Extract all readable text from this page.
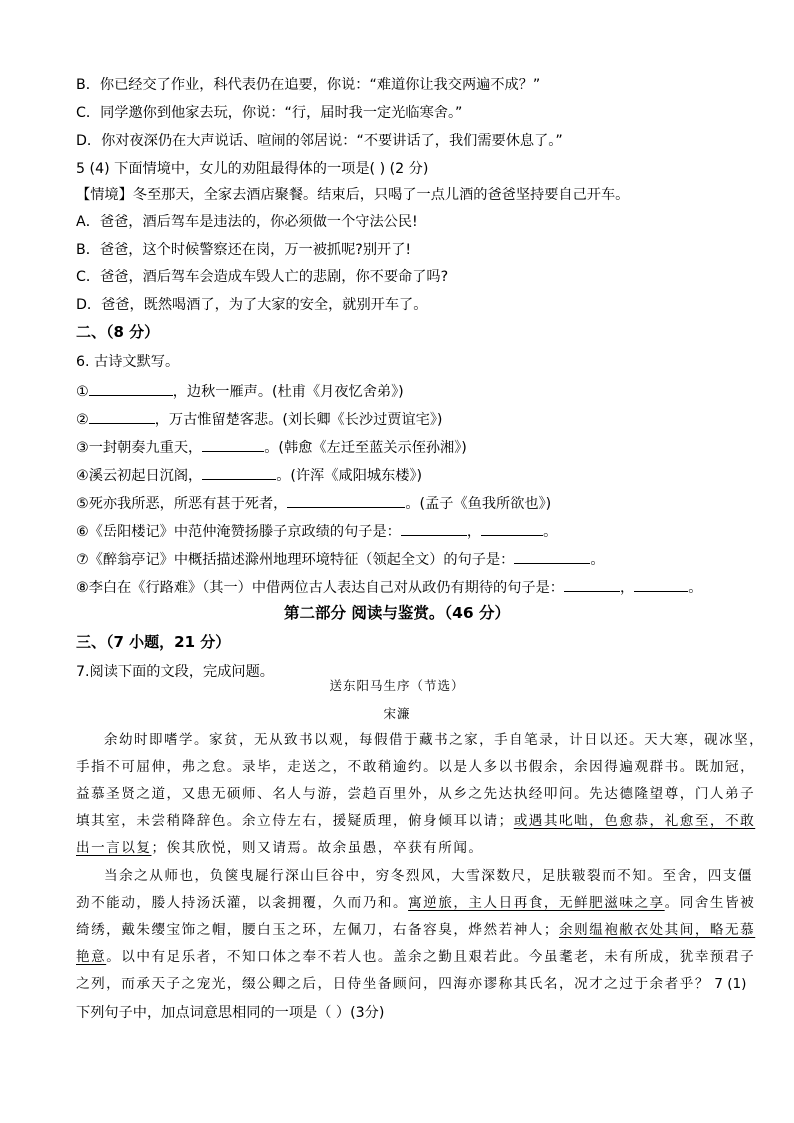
B．你已经交了作业，科代表仍在追要，你说：“难道你让我交两遍不成？”
C．同学邀你到他家去玩，你说：“行，届时我一定光临寒舍。”
D．你对夜深仍在大声说话、喧闹的邻居说：“不要讲话了，我们需要休息了。”
5 (4) 下面情境中，女儿的劝阻最得体的一项是( ) (2 分)
【情境】冬至那天，全家去酒店聚餐。结束后，只喝了一点儿酒的爸爸坚持要自己开车。
A．爸爸，酒后驾车是违法的，你必须做一个守法公民!
B．爸爸，这个时候警察还在岗，万一被抓呢?别开了!
C．爸爸，酒后驾车会造成车毁人亡的悲剧，你不要命了吗?
D．爸爸，既然喝酒了，为了大家的安全，就别开车了。
二、（8 分）
6. 古诗文默写。
①	，边秋一雁声。(杜甫《月夜忆舍弟》)
②	，万古惟留楚客悲。(刘长卿《长沙过贾谊宅》)
③一封朝奏九重天，	。(韩愈《左迁至蓝关示侄孙湘》)
④溪云初起日沉阁，	。(许浑《咸阳城东楼》)
⑤死亦我所恶，所恶有甚于死者，	。(孟子《鱼我所欲也》)
⑥《岳阳楼记》中范仲淹赞扬滕子京政绩的句子是：	，	。
⑦《醉翁亭记》中概括描述滁州地理环境特征（领起全文）的句子是：	。
⑧李白在《行路难》（其一）中借两位古人表达自己对从政仍有期待的句子是：	，	。
第二部分 阅读与鉴赏。（46 分）
三、（7 小题，21 分）
7.阅读下面的文段，完成问题。
送东阳马生序（节选）
宋濂
余幼时即嗜学。家贫，无从致书以观，每假借于藏书之家，手自笔录，计日以还。天大寒，砚冰坚，
手指不可屈伸，弗之怠。录毕，走送之，不敢稍逾约。以是人多以书假余，余因得遍观群书。既加冠，
益慕圣贤之道，又患无硕师、名人与游，尝趋百里外，从乡之先达执经叩问。先达德隆望尊，门人弟子
填其室，未尝稍降辞色。余立侍左右，援疑质理，俯身倾耳以请；或遇其叱咄，色愈恭，礼愈至，不敢
出一言以复；俟其欣悦，则又请焉。故余虽愚，卒获有所闻。
当余之从师也，负箧曳屣行深山巨谷中，穷冬烈风，大雪深数尺，足肤皲裂而不知。至舍，四支僵
劲不能动，媵人持汤沃灌，以衾拥覆，久而乃和。寓逆旅，主人日再食，无鲜肥滋味之享。同舍生皆被
绮绣，戴朱缨宝饰之帽，腰白玉之环，左佩刀，右备容臭，烨然若神人；余则缊袍敝衣处其间，略无慕
艳意。以中有足乐者，不知口体之奉不若人也。盖余之勤且艰若此。今虽耄老，未有所成，犹幸预君子
之列，而承天子之宠光，缀公卿之后，日侍坐备顾问，四海亦谬称其氏名，况才之过于余者乎？ 7 (1)
下列句子中，加点词意思相同的一项是（ ）(3分)
